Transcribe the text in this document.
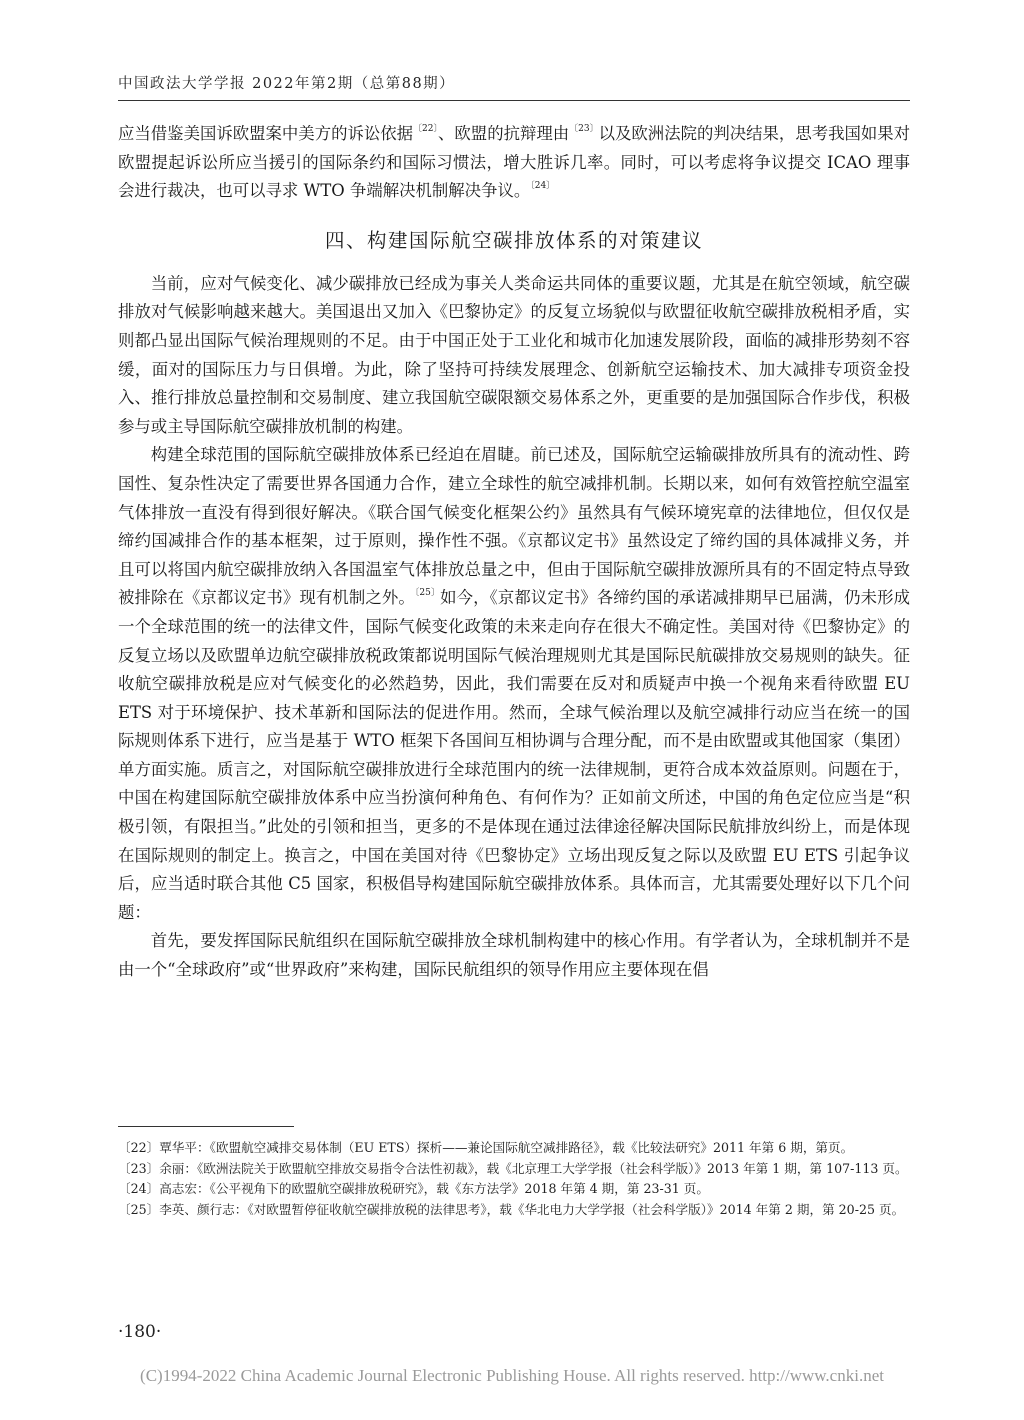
中国政法大学学报 2022年第2期（总第88期）

应当借鉴美国诉欧盟案中美方的诉讼依据$^{〔22〕}$、欧盟的抗辩理由$^{〔23〕}$以及欧洲法院的判决结果，思考我国如果对欧盟提起诉讼所应当援引的国际条约和国际习惯法，增大胜诉几率。同时，可以考虑将争议提交 ICAO 理事会进行裁决，也可以寻求 WTO 争端解决机制解决争议。$^{〔24〕}$

四、构建国际航空碳排放体系的对策建议

当前，应对气候变化、减少碳排放已经成为事关人类命运共同体的重要议题，尤其是在航空领域，航空碳排放对气候影响越来越大。美国退出又加入《巴黎协定》的反复立场貌似与欧盟征收航空碳排放税相矛盾，实则都凸显出国际气候治理规则的不足。由于中国正处于工业化和城市化加速发展阶段，面临的减排形势刻不容缓，面对的国际压力与日俱增。为此，除了坚持可持续发展理念、创新航空运输技术、加大减排专项资金投入、推行排放总量控制和交易制度、建立我国航空碳限额交易体系之外，更重要的是加强国际合作步伐，积极参与或主导国际航空碳排放机制的构建。

构建全球范围的国际航空碳排放体系已经迫在眉睫。前已述及，国际航空运输碳排放所具有的流动性、跨国性、复杂性决定了需要世界各国通力合作，建立全球性的航空减排机制。长期以来，如何有效管控航空温室气体排放一直没有得到很好解决。《联合国气候变化框架公约》虽然具有气候环境宪章的法律地位，但仅仅是缔约国减排合作的基本框架，过于原则，操作性不强。《京都议定书》虽然设定了缔约国的具体减排义务，并且可以将国内航空碳排放纳入各国温室气体排放总量之中，但由于国际航空碳排放源所具有的不固定特点导致被排除在《京都议定书》现有机制之外。$^{〔25〕}$如今，《京都议定书》各缔约国的承诺减排期早已届满，仍未形成一个全球范围的统一的法律文件，国际气候变化政策的未来走向存在很大不确定性。美国对待《巴黎协定》的反复立场以及欧盟单边航空碳排放税政策都说明国际气候治理规则尤其是国际民航碳排放交易规则的缺失。征收航空碳排放税是应对气候变化的必然趋势，因此，我们需要在反对和质疑声中换一个视角来看待欧盟 EU ETS 对于环境保护、技术革新和国际法的促进作用。然而，全球气候治理以及航空减排行动应当在统一的国际规则体系下进行，应当是基于 WTO 框架下各国间互相协调与合理分配，而不是由欧盟或其他国家（集团）单方面实施。质言之，对国际航空碳排放进行全球范围内的统一法律规制，更符合成本效益原则。问题在于，中国在构建国际航空碳排放体系中应当扮演何种角色、有何作为？正如前文所述，中国的角色定位应当是“积极引领，有限担当。”此处的引领和担当，更多的不是体现在通过法律途径解决国际民航排放纠纷上，而是体现在国际规则的制定上。换言之，中国在美国对待《巴黎协定》立场出现反复之际以及欧盟 EU ETS 引起争议后，应当适时联合其他 C5 国家，积极倡导构建国际航空碳排放体系。具体而言，尤其需要处理好以下几个问题：

首先，要发挥国际民航组织在国际航空碳排放全球机制构建中的核心作用。有学者认为，全球机制并不是由一个“全球政府”或“世界政府”来构建，国际民航组织的领导作用应主要体现在倡

〔22〕覃华平：《欧盟航空减排交易体制（EU ETS）探析——兼论国际航空减排路径》，载《比较法研究》2011 年第 6 期，第页。

〔23〕余丽：《欧洲法院关于欧盟航空排放交易指令合法性初裁》，载《北京理工大学学报（社会科学版）》2013 年第 1 期，第 107-113 页。

〔24〕高志宏：《公平视角下的欧盟航空碳排放税研究》，载《东方法学》2018 年第 4 期，第 23-31 页。

〔25〕李英、颜行志：《对欧盟暂停征收航空碳排放税的法律思考》，载《华北电力大学学报（社会科学版）》2014 年第 2 期，第 20-25 页。

·180·
(C)1994-2022 China Academic Journal Electronic Publishing House. All rights reserved. http://www.cnki.net
